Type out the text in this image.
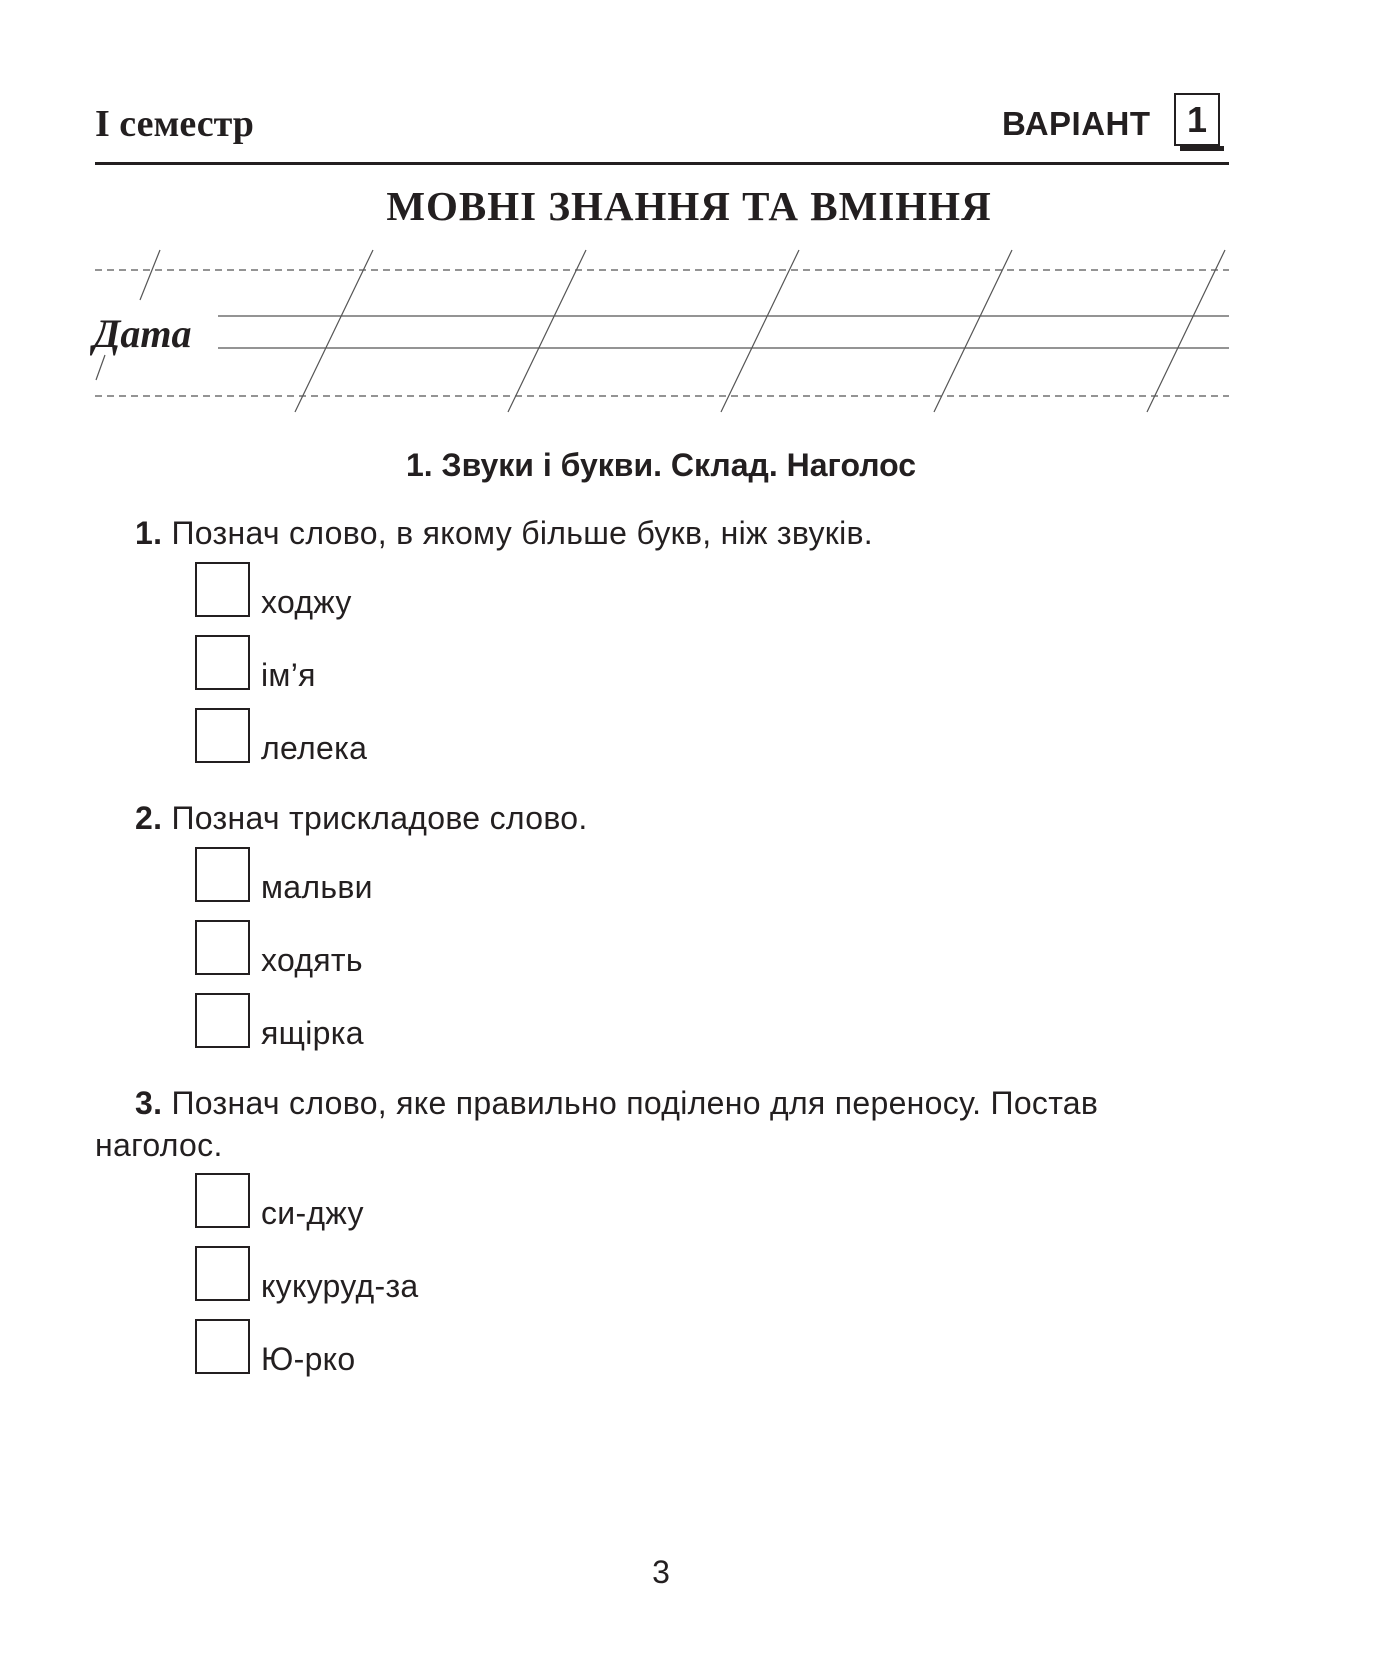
І семестр	ВАРІАНТ	1
МОВНІ ЗНАННЯ ТА ВМІННЯ
Дата
1. Звуки і букви. Склад. Наголос
1. Познач слово, в якому більше букв, ніж звуків.
ходжу
ім’я
лелека
2. Познач трискладове слово.
мальви
ходять
ящірка
3. Познач слово, яке правильно поділено для переносу. Постав наголос.
си-джу
кукуруд-за
Ю-рко
3
